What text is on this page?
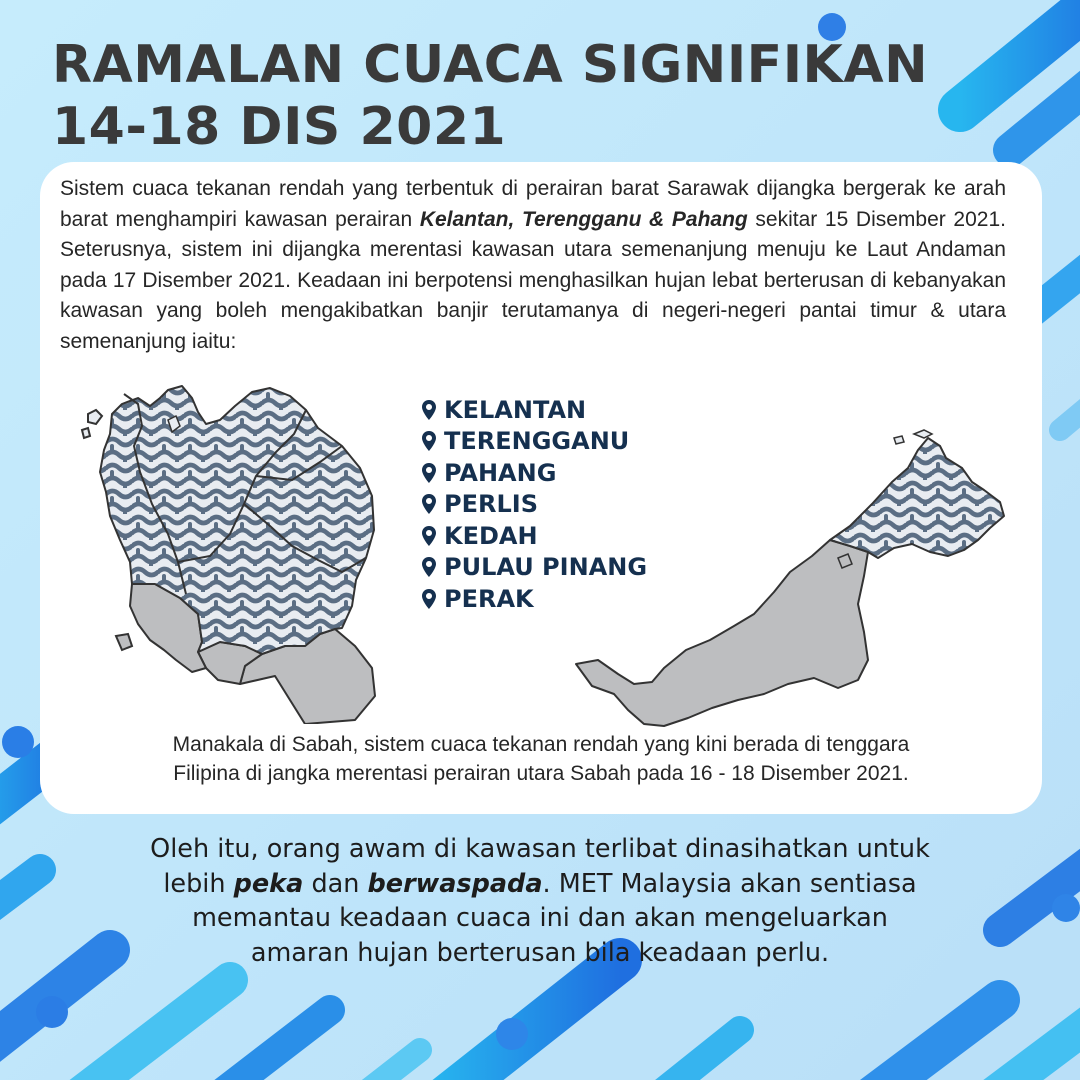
RAMALAN CUACA SIGNIFIKAN
14-18 DIS 2021

Sistem cuaca tekanan rendah yang terbentuk di perairan barat Sarawak dijangka bergerak ke arah barat menghampiri kawasan perairan Kelantan, Terengganu & Pahang sekitar 15 Disember 2021. Seterusnya, sistem ini dijangka merentasi kawasan utara semenanjung menuju ke Laut Andaman pada 17 Disember 2021. Keadaan ini berpotensi menghasilkan hujan lebat berterusan di kebanyakan kawasan yang boleh mengakibatkan banjir terutamanya di negeri-negeri pantai timur & utara semenanjung iaitu:

KELANTAN
TERENGGANU
PAHANG
PERLIS
KEDAH
PULAU PINANG
PERAK

Manakala di Sabah, sistem cuaca tekanan rendah yang kini berada di tenggara
Filipina di jangka merentasi perairan utara Sabah pada 16 - 18 Disember 2021.

Oleh itu, orang awam di kawasan terlibat dinasihatkan untuk
lebih peka dan berwaspada. MET Malaysia akan sentiasa
memantau keadaan cuaca ini dan akan mengeluarkan
amaran hujan berterusan bila keadaan perlu.
